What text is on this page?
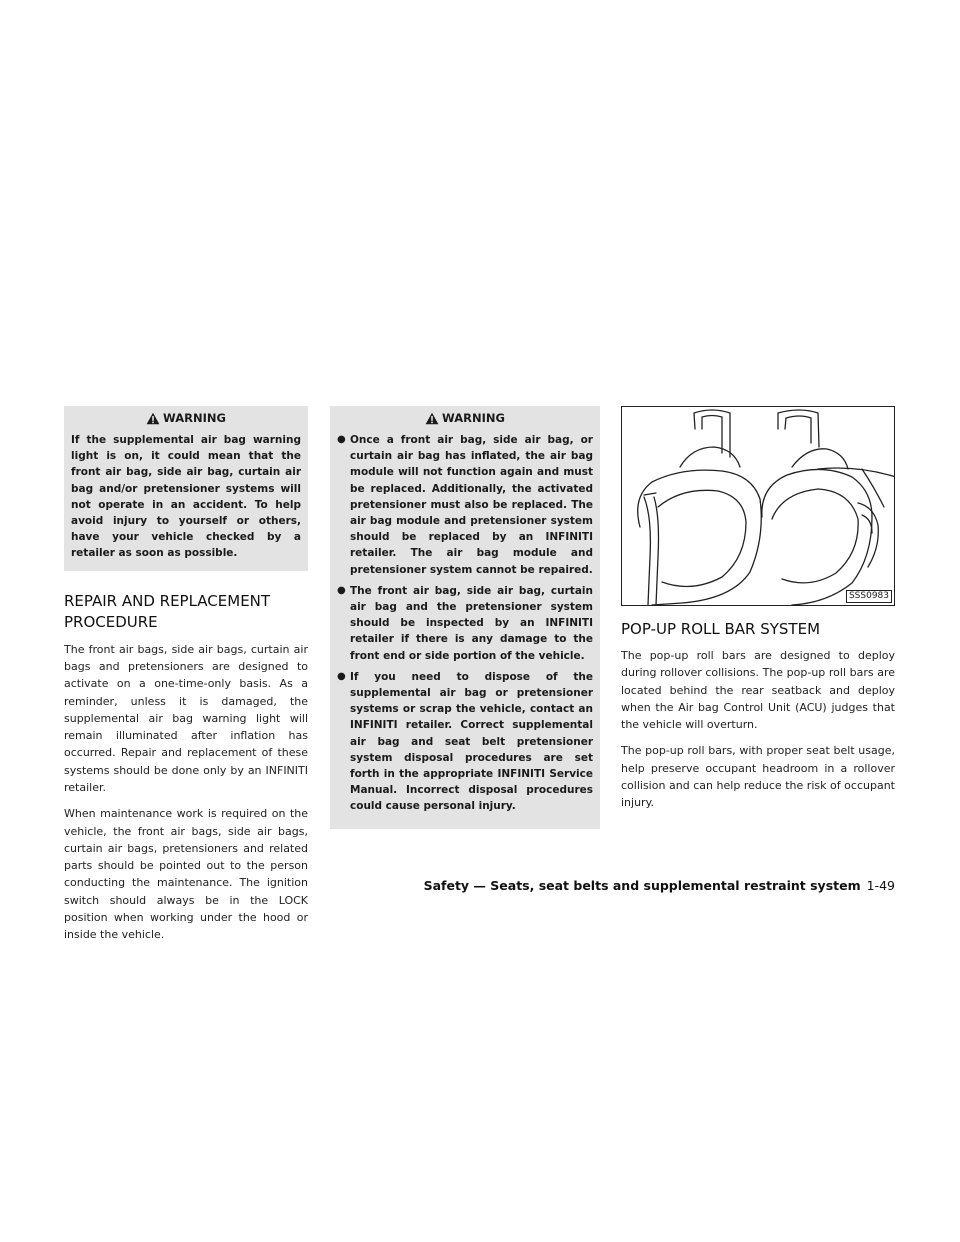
WARNING
If the supplemental air bag warning light is on, it could mean that the front air bag, side air bag, curtain air bag and/or pretensioner systems will not operate in an accident. To help avoid injury to yourself or others, have your vehicle checked by a retailer as soon as possible.
REPAIR AND REPLACEMENT PROCEDURE

The front air bags, side air bags, curtain air bags and pretensioners are designed to activate on a one-time-only basis. As a reminder, unless it is damaged, the supplemental air bag warning light will remain illuminated after inflation has occurred. Repair and replacement of these systems should be done only by an INFINITI retailer.

When maintenance work is required on the vehicle, the front air bags, side air bags, curtain air bags, pretensioners and related parts should be pointed out to the person conducting the maintenance. The ignition switch should always be in the LOCK position when working under the hood or inside the vehicle.

WARNING
● Once a front air bag, side air bag, or curtain air bag has inflated, the air bag module will not function again and must be replaced. Additionally, the activated pretensioner must also be replaced. The air bag module and pretensioner system should be replaced by an INFINITI retailer. The air bag module and pretensioner system cannot be repaired.
● The front air bag, side air bag, curtain air bag and the pretensioner system should be inspected by an INFINITI retailer if there is any damage to the front end or side portion of the vehicle.
● If you need to dispose of the supplemental air bag or pretensioner systems or scrap the vehicle, contact an INFINITI retailer. Correct supplemental air bag and seat belt pretensioner system disposal procedures are set forth in the appropriate INFINITI Service Manual. Incorrect disposal procedures could cause personal injury.
SSS0983
POP-UP ROLL BAR SYSTEM

The pop-up roll bars are designed to deploy during rollover collisions. The pop-up roll bars are located behind the rear seatback and deploy when the Air bag Control Unit (ACU) judges that the vehicle will overturn.

The pop-up roll bars, with proper seat belt usage, help preserve occupant headroom in a rollover collision and can help reduce the risk of occupant injury.

Safety — Seats, seat belts and supplemental restraint system 1-49
